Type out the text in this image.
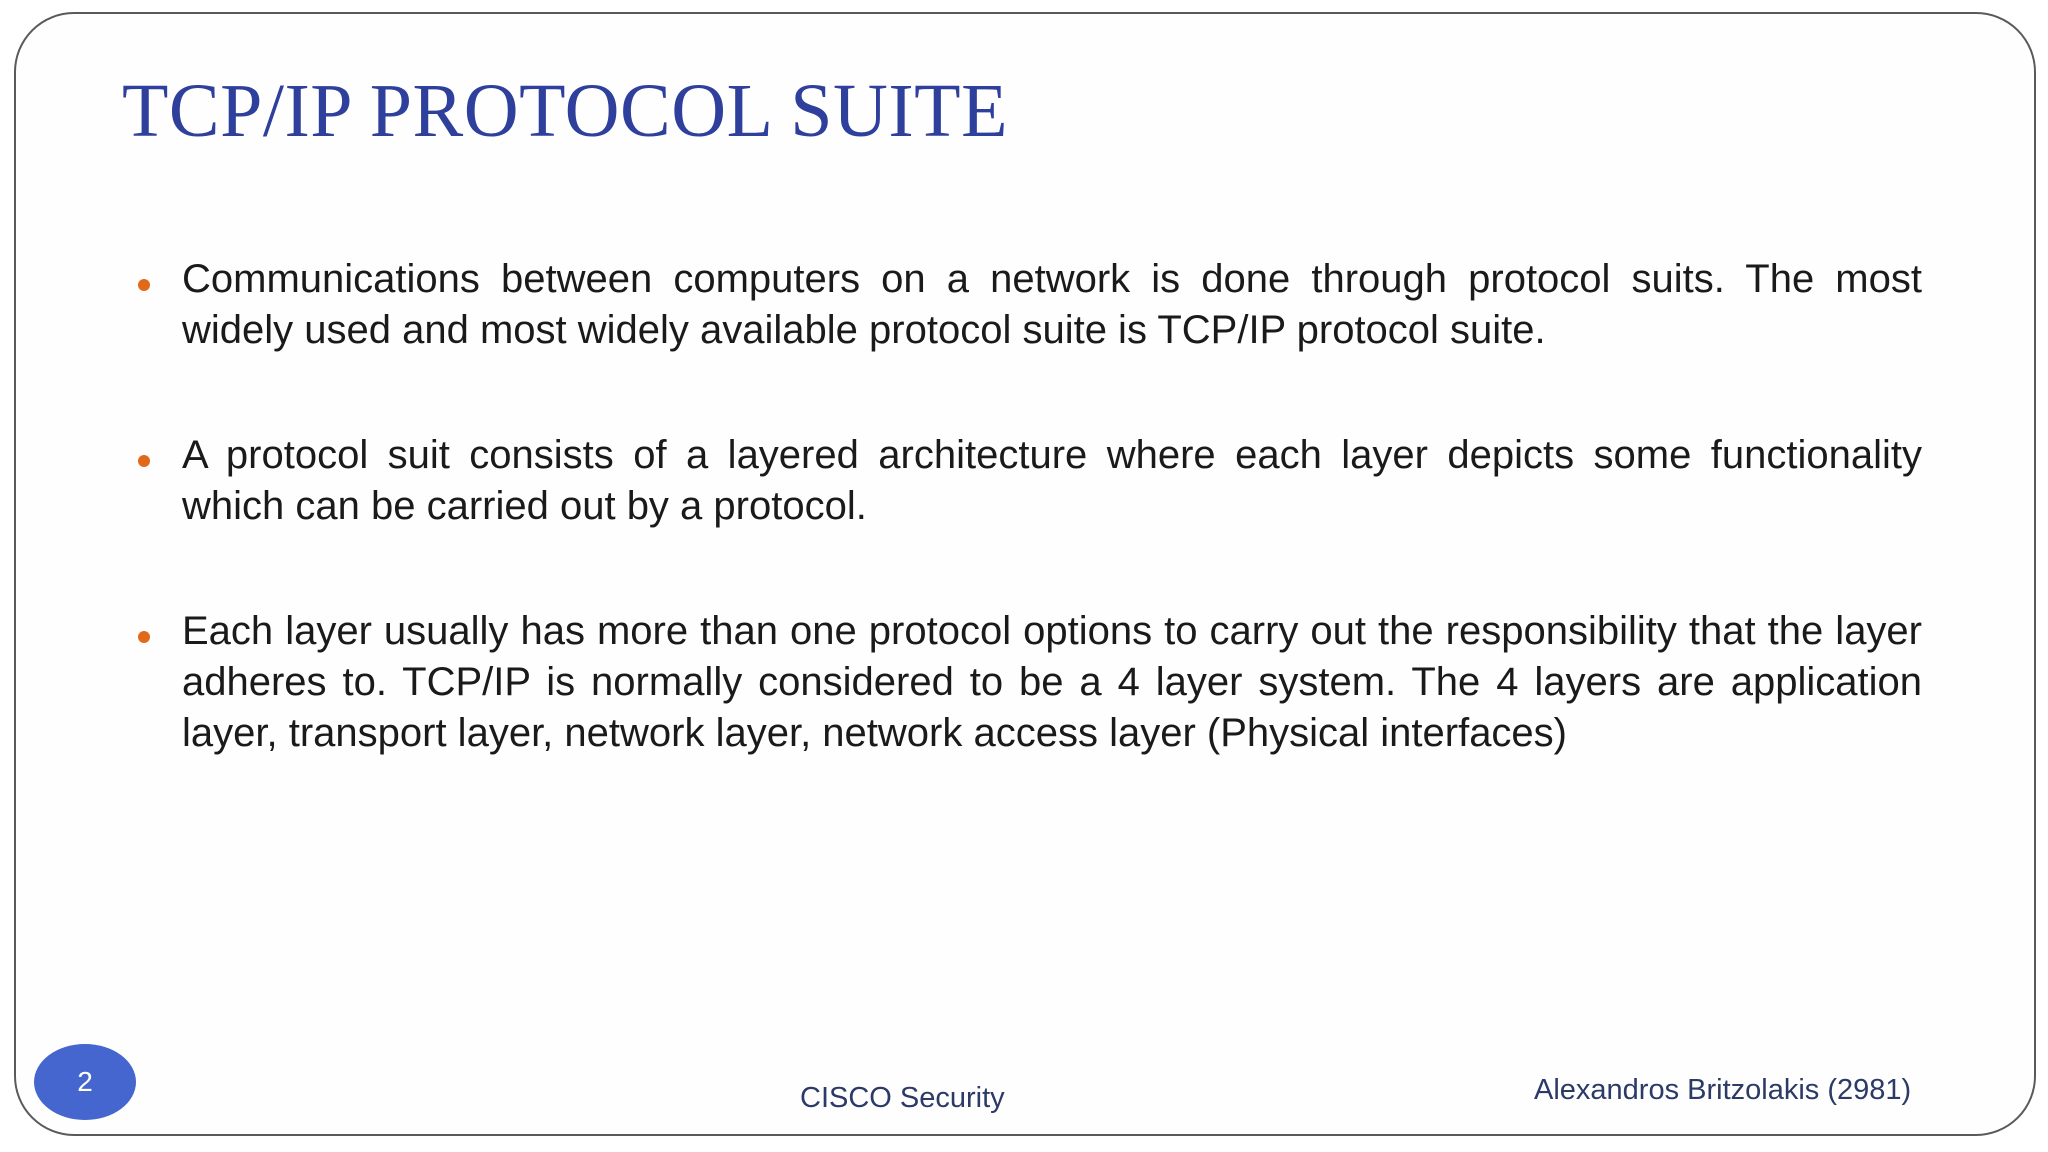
TCP/IP PROTOCOL SUITE
Communications between computers on a network is done through protocol suits. The most widely used and most widely available protocol suite is TCP/IP protocol suite.
A protocol suit consists of a layered architecture where each layer depicts some functionality which can be carried out by a protocol.
Each layer usually has more than one protocol options to carry out the responsibility that the layer adheres to. TCP/IP is normally considered to be a 4 layer system. The 4 layers are application layer, transport layer, network layer, network access layer (Physical interfaces)
2
CISCO Security	Alexandros Britzolakis (2981)
